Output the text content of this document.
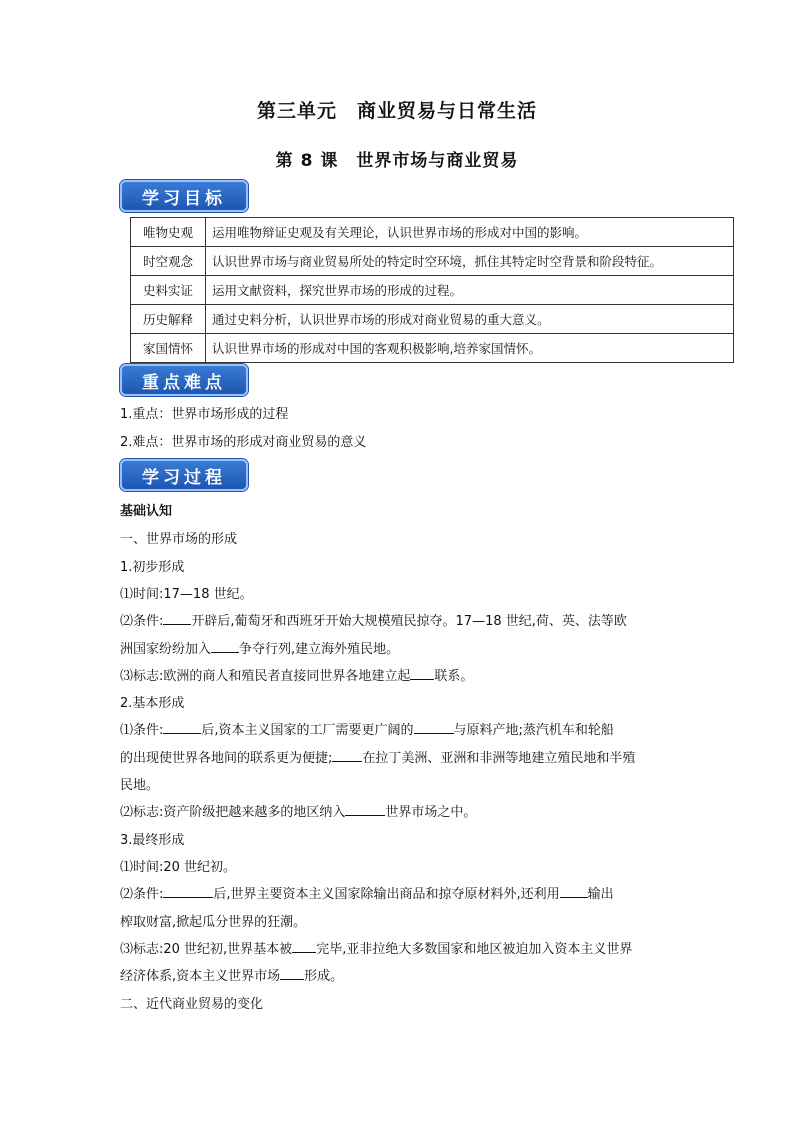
第三单元　商业贸易与日常生活
第 8 课　世界市场与商业贸易
学习目标
唯物史观	运用唯物辩证史观及有关理论，认识世界市场的形成对中国的影响。
时空观念	认识世界市场与商业贸易所处的特定时空环境，抓住其特定时空背景和阶段特征。
史料实证	运用文献资料，探究世界市场的形成的过程。
历史解释	通过史料分析，认识世界市场的形成对商业贸易的重大意义。
家国情怀	认识世界市场的形成对中国的客观积极影响,培养家国情怀。
重点难点
1.重点：世界市场形成的过程
2.难点：世界市场的形成对商业贸易的意义
学习过程
基础认知
一、世界市场的形成
1.初步形成
⑴时间:17—18 世纪。
⑵条件: 开辟后,葡萄牙和西班牙开始大规模殖民掠夺。17—18 世纪,荷、英、法等欧
洲国家纷纷加入 争夺行列,建立海外殖民地。
⑶标志:欧洲的商人和殖民者直接同世界各地建立起 联系。
2.基本形成
⑴条件:	后,资本主义国家的工厂需要更广阔的	与原料产地;蒸汽机车和轮船
的出现使世界各地间的联系更为便捷; 在拉丁美洲、亚洲和非洲等地建立殖民地和半殖
民地。
⑵标志:资产阶级把越来越多的地区纳入	世界市场之中。
3.最终形成
⑴时间:20 世纪初。
⑵条件:	后,世界主要资本主义国家除输出商品和掠夺原材料外,还利用 输出
榨取财富,掀起瓜分世界的狂潮。
⑶标志:20 世纪初,世界基本被 完毕,亚非拉绝大多数国家和地区被迫加入资本主义世界
经济体系,资本主义世界市场 形成。
二、近代商业贸易的变化
